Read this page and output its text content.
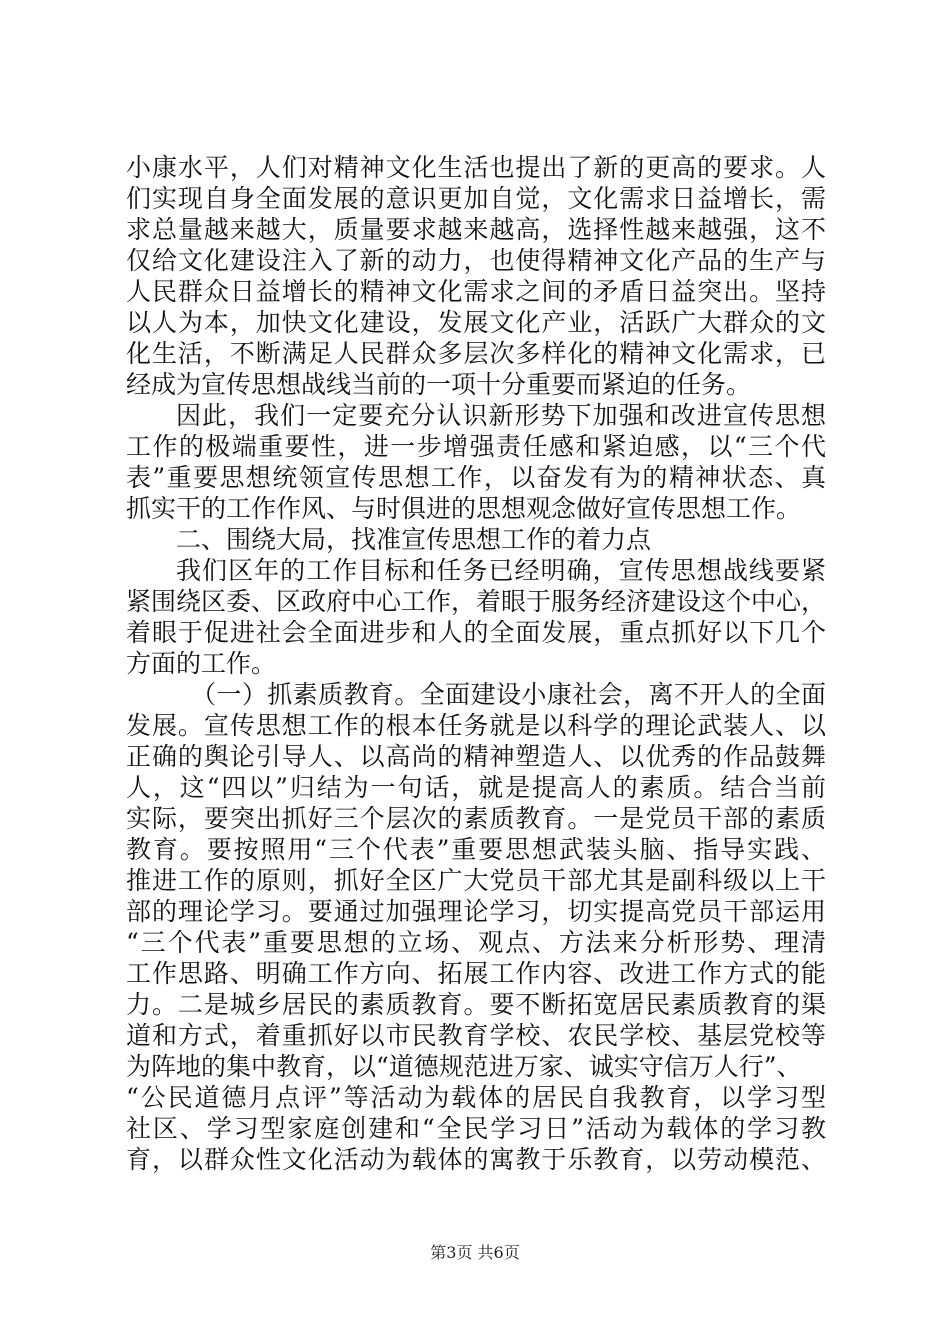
小康水平，人们对精神文化生活也提出了新的更高的要求。人
们实现自身全面发展的意识更加自觉，文化需求日益增长，需
求总量越来越大，质量要求越来越高，选择性越来越强，这不
仅给文化建设注入了新的动力，也使得精神文化产品的生产与
人民群众日益增长的精神文化需求之间的矛盾日益突出。坚持
以人为本，加快文化建设，发展文化产业，活跃广大群众的文
化生活，不断满足人民群众多层次多样化的精神文化需求，已
经成为宣传思想战线当前的一项十分重要而紧迫的任务。
因此，我们一定要充分认识新形势下加强和改进宣传思想
工作的极端重要性，进一步增强责任感和紧迫感，以“三个代
表”重要思想统领宣传思想工作，以奋发有为的精神状态、真
抓实干的工作作风、与时俱进的思想观念做好宣传思想工作。
二、围绕大局，找准宣传思想工作的着力点
我们区年的工作目标和任务已经明确，宣传思想战线要紧
紧围绕区委、区政府中心工作，着眼于服务经济建设这个中心，
着眼于促进社会全面进步和人的全面发展，重点抓好以下几个
方面的工作。
（一）抓素质教育。全面建设小康社会，离不开人的全面
发展。宣传思想工作的根本任务就是以科学的理论武装人、以
正确的舆论引导人、以高尚的精神塑造人、以优秀的作品鼓舞
人，这“四以”归结为一句话，就是提高人的素质。结合当前
实际，要突出抓好三个层次的素质教育。一是党员干部的素质
教育。要按照用“三个代表”重要思想武装头脑、指导实践、
推进工作的原则，抓好全区广大党员干部尤其是副科级以上干
部的理论学习。要通过加强理论学习，切实提高党员干部运用
“三个代表”重要思想的立场、观点、方法来分析形势、理清
工作思路、明确工作方向、拓展工作内容、改进工作方式的能
力。二是城乡居民的素质教育。要不断拓宽居民素质教育的渠
道和方式，着重抓好以市民教育学校、农民学校、基层党校等
为阵地的集中教育，以“道德规范进万家、诚实守信万人行”、
“公民道德月点评”等活动为载体的居民自我教育，以学习型
社区、学习型家庭创建和“全民学习日”活动为载体的学习教
育，以群众性文化活动为载体的寓教于乐教育，以劳动模范、
第3页 共6页
